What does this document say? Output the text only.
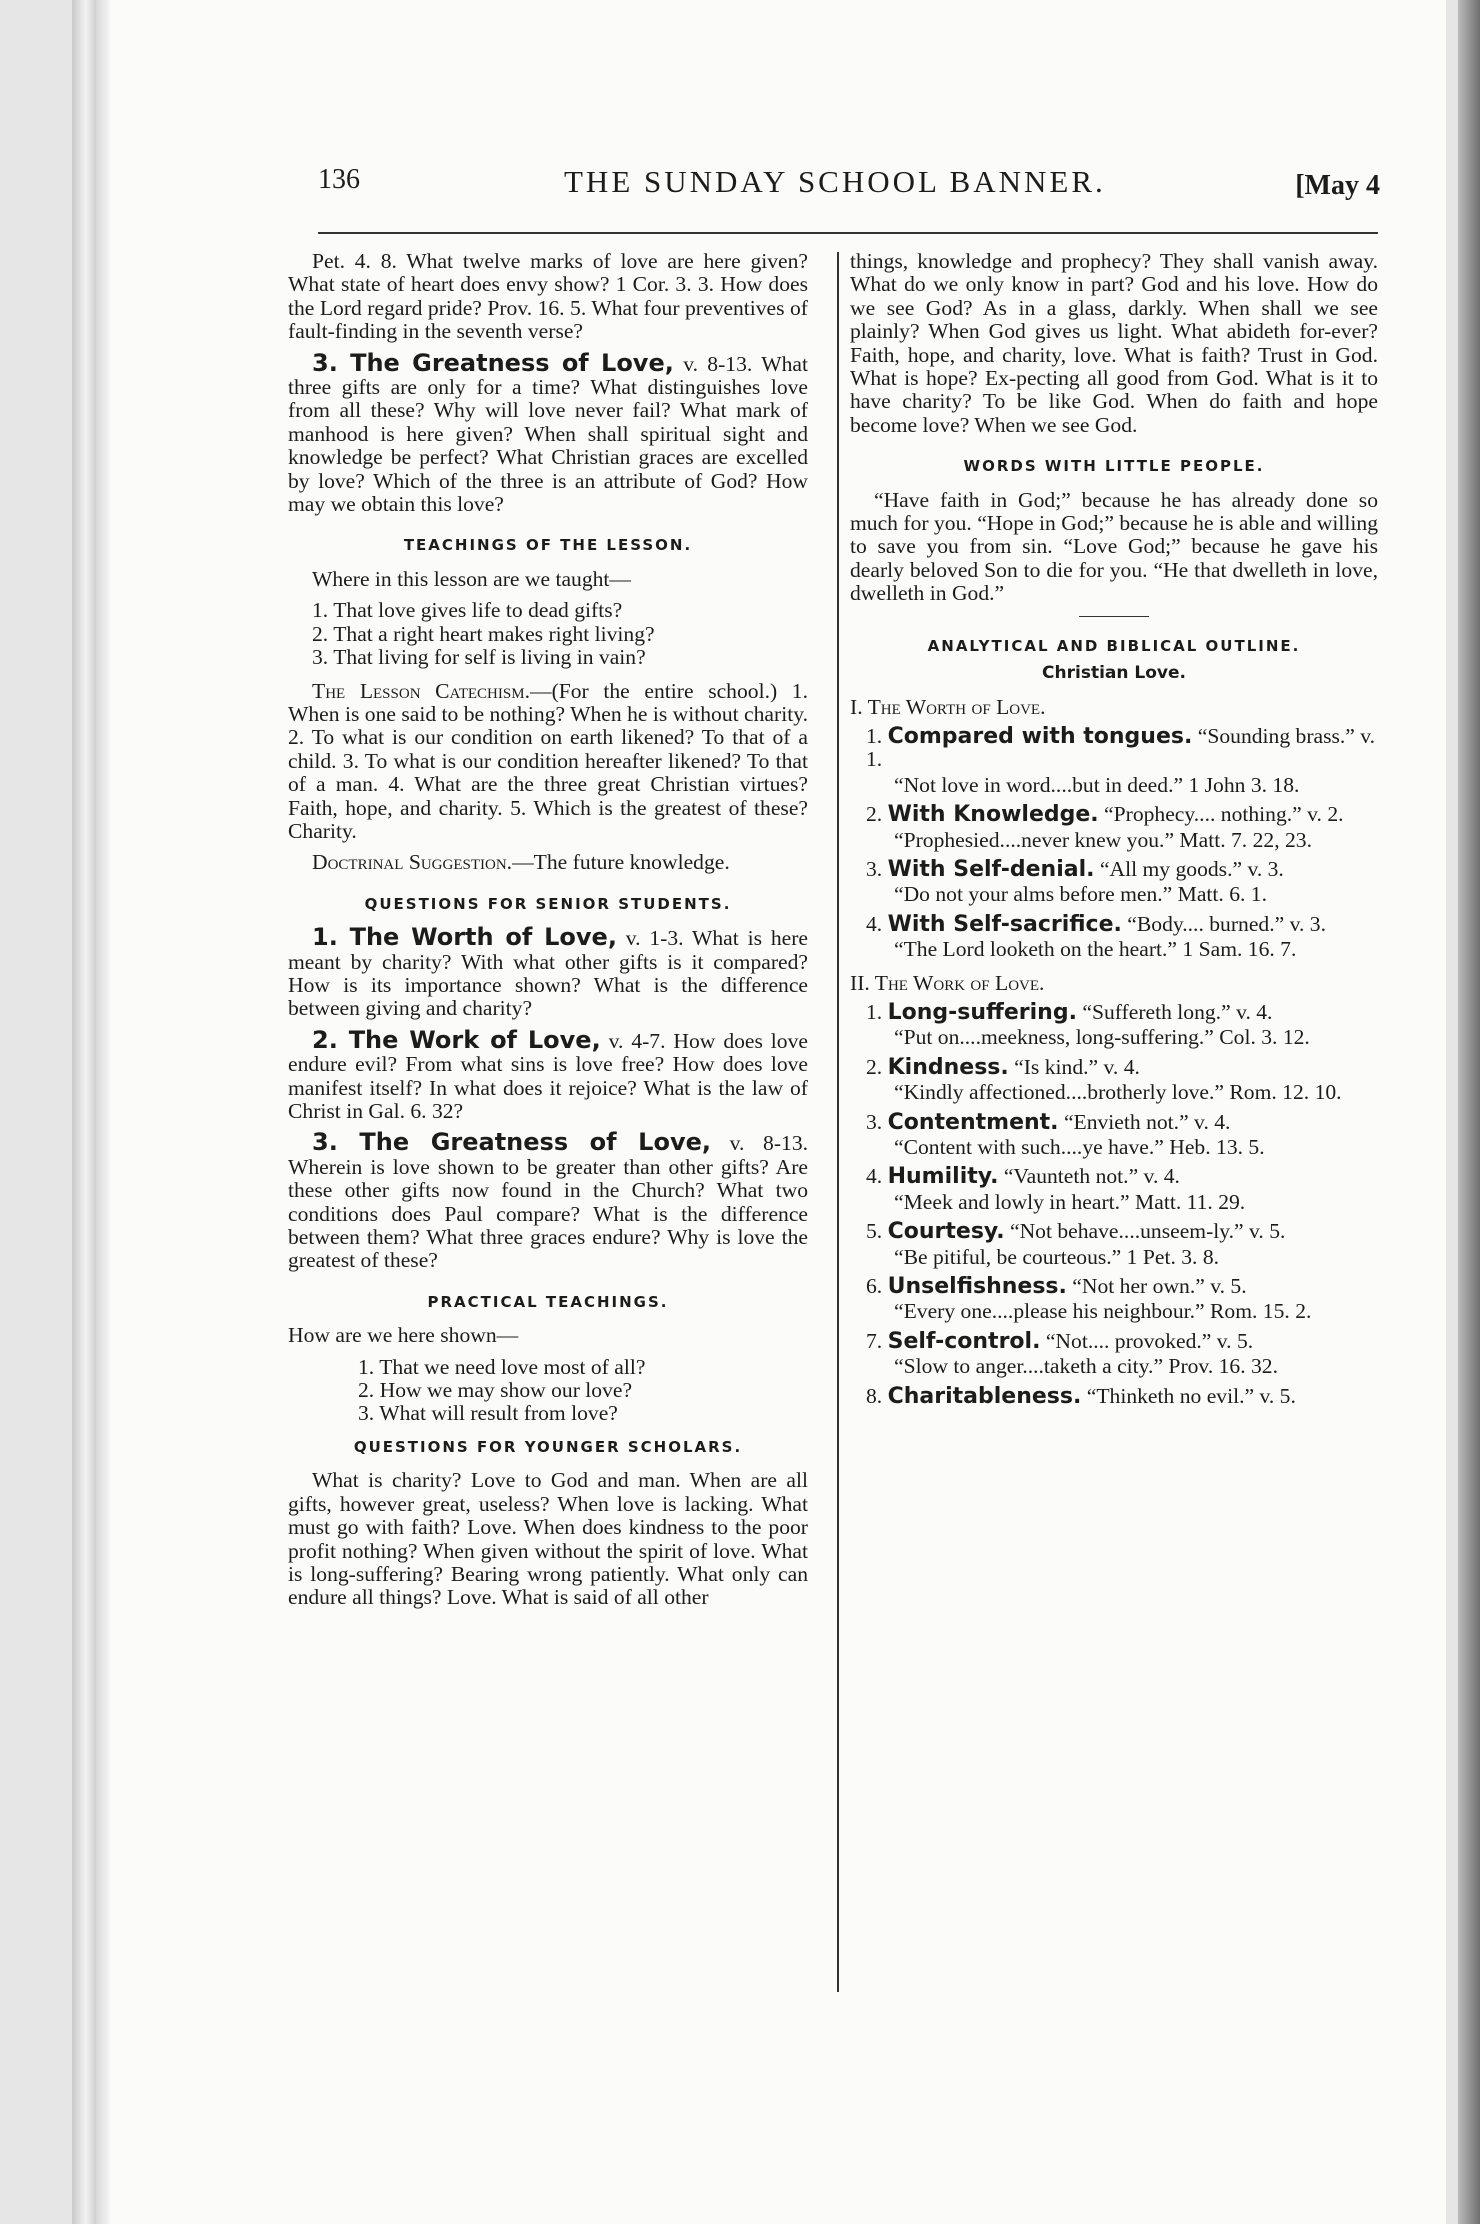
136	THE SUNDAY SCHOOL BANNER.	[May 4

Pet. 4. 8. What twelve marks of love are here given? What state of heart does envy show? 1 Cor. 3. 3. How does the Lord regard pride? Prov. 16. 5. What four preventives of fault-finding in the seventh verse?

3. The Greatness of Love, v. 8-13. What three gifts are only for a time? What distinguishes love from all these? Why will love never fail? What mark of manhood is here given? When shall spiritual sight and knowledge be perfect? What Christian graces are excelled by love? Which of the three is an attribute of God? How may we obtain this love?

TEACHINGS OF THE LESSON.

Where in this lesson are we taught—

1. That love gives life to dead gifts?
2. That a right heart makes right living?
3. That living for self is living in vain?

The Lesson Catechism.—(For the entire school.) 1. When is one said to be nothing? When he is without charity. 2. To what is our condition on earth likened? To that of a child. 3. To what is our condition hereafter likened? To that of a man. 4. What are the three great Christian virtues? Faith, hope, and charity. 5. Which is the greatest of these? Charity.

Doctrinal Suggestion.—The future knowledge.

QUESTIONS FOR SENIOR STUDENTS.

1. The Worth of Love, v. 1-3. What is here meant by charity? With what other gifts is it compared? How is its importance shown? What is the difference between giving and charity?

2. The Work of Love, v. 4-7. How does love endure evil? From what sins is love free? How does love manifest itself? In what does it rejoice? What is the law of Christ in Gal. 6. 32?

3. The Greatness of Love, v. 8-13. Wherein is love shown to be greater than other gifts? Are these other gifts now found in the Church? What two conditions does Paul compare? What is the difference between them? What three graces endure? Why is love the greatest of these?

PRACTICAL TEACHINGS.

How are we here shown—

1. That we need love most of all?
2. How we may show our love?
3. What will result from love?
QUESTIONS FOR YOUNGER SCHOLARS.

What is charity? Love to God and man. When are all gifts, however great, useless? When love is lacking. What must go with faith? Love. When does kindness to the poor profit nothing? When given without the spirit of love. What is long-suffering? Bearing wrong patiently. What only can endure all things? Love. What is said of all other

things, knowledge and prophecy? They shall vanish away. What do we only know in part? God and his love. How do we see God? As in a glass, darkly. When shall we see plainly? When God gives us light. What abideth for-ever? Faith, hope, and charity, love. What is faith? Trust in God. What is hope? Ex-pecting all good from God. What is it to have charity? To be like God. When do faith and hope become love? When we see God.

WORDS WITH LITTLE PEOPLE.

“Have faith in God;” because he has already done so much for you. “Hope in God;” because he is able and willing to save you from sin. “Love God;” because he gave his dearly beloved Son to die for you. “He that dwelleth in love, dwelleth in God.”

ANALYTICAL AND BIBLICAL OUTLINE.
Christian Love.
I. The Worth of Love.
1. Compared with tongues. “Sounding brass.” v. 1.
“Not love in word....but in deed.” 1 John 3. 18.
2. With Knowledge. “Prophecy.... nothing.” v. 2.
“Prophesied....never knew you.” Matt. 7. 22, 23.
3. With Self-denial. “All my goods.” v. 3.
“Do not your alms before men.” Matt. 6. 1.
4. With Self-sacrifice. “Body.... burned.” v. 3.
“The Lord looketh on the heart.” 1 Sam. 16. 7.
II. The Work of Love.
1. Long-suffering. “Suffereth long.” v. 4.
“Put on....meekness, long-suffering.” Col. 3. 12.
2. Kindness. “Is kind.” v. 4.
“Kindly affectioned....brotherly love.” Rom. 12. 10.
3. Contentment. “Envieth not.” v. 4.
“Content with such....ye have.” Heb. 13. 5.
4. Humility. “Vaunteth not.” v. 4.
“Meek and lowly in heart.” Matt. 11. 29.
5. Courtesy. “Not behave....unseem-ly.” v. 5.
“Be pitiful, be courteous.” 1 Pet. 3. 8.
6. Unselfishness. “Not her own.” v. 5.
“Every one....please his neighbour.” Rom. 15. 2.
7. Self-control. “Not.... provoked.” v. 5.
“Slow to anger....taketh a city.” Prov. 16. 32.
8. Charitableness. “Thinketh no evil.” v. 5.
